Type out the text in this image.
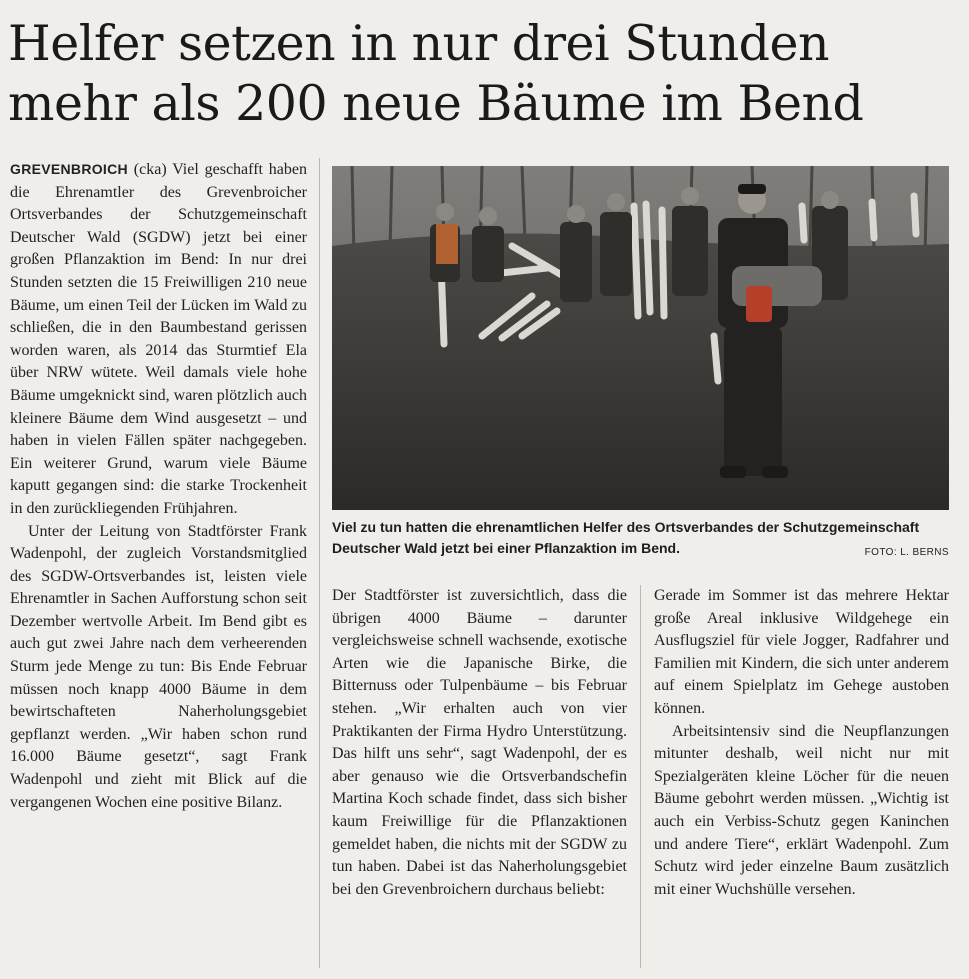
Helfer setzen in nur drei Stunden mehr als 200 neue Bäume im Bend

GREVENBROICH (cka) Viel geschafft haben die Ehrenamtler des Grevenbroicher Ortsverbandes der Schutzgemeinschaft Deutscher Wald (SGDW) jetzt bei einer großen Pflanzaktion im Bend: In nur drei Stunden setzten die 15 Freiwilligen 210 neue Bäume, um einen Teil der Lücken im Wald zu schließen, die in den Baumbestand gerissen worden waren, als 2014 das Sturmtief Ela über NRW wütete. Weil damals viele hohe Bäume umgeknickt sind, waren plötzlich auch kleinere Bäume dem Wind ausgesetzt – und haben in vielen Fällen später nachgegeben. Ein weiterer Grund, warum viele Bäume kaputt gegangen sind: die starke Trockenheit in den zurückliegenden Frühjahren.

Unter der Leitung von Stadtförster Frank Wadenpohl, der zugleich Vorstandsmitglied des SGDW-Ortsverbandes ist, leisten viele Ehrenamtler in Sachen Aufforstung schon seit Dezember wertvolle Arbeit. Im Bend gibt es auch gut zwei Jahre nach dem verheerenden Sturm jede Menge zu tun: Bis Ende Februar müssen noch knapp 4000 Bäume in dem bewirtschafteten Naherholungsgebiet gepflanzt werden. „Wir haben schon rund 16.000 Bäume gesetzt“, sagt Frank Wadenpohl und zieht mit Blick auf die vergangenen Wochen eine positive Bilanz.

Viel zu tun hatten die ehrenamtlichen Helfer des Ortsverbandes der Schutzgemeinschaft Deutscher Wald jetzt bei einer Pflanzaktion im Bend.	FOTO: L. BERNS

Der Stadtförster ist zuversichtlich, dass die übrigen 4000 Bäume – darunter vergleichsweise schnell wachsende, exotische Arten wie die Japanische Birke, die Bitternuss oder Tulpenbäume – bis Februar stehen. „Wir erhalten auch von vier Praktikanten der Firma Hydro Unterstützung. Das hilft uns sehr“, sagt Wadenpohl, der es aber genauso wie die Ortsverbandschefin Martina Koch schade findet, dass sich bisher kaum Freiwillige für die Pflanzaktionen gemeldet haben, die nichts mit der SGDW zu tun haben. Dabei ist das Naherholungsgebiet bei den Grevenbroichern durchaus beliebt:

Gerade im Sommer ist das mehrere Hektar große Areal inklusive Wildgehege ein Ausflugsziel für viele Jogger, Radfahrer und Familien mit Kindern, die sich unter anderem auf einem Spielplatz im Gehege austoben können.

Arbeitsintensiv sind die Neupflanzungen mitunter deshalb, weil nicht nur mit Spezialgeräten kleine Löcher für die neuen Bäume gebohrt werden müssen. „Wichtig ist auch ein Verbiss-Schutz gegen Kaninchen und andere Tiere“, erklärt Wadenpohl. Zum Schutz wird jeder einzelne Baum zusätzlich mit einer Wuchshülle versehen.
